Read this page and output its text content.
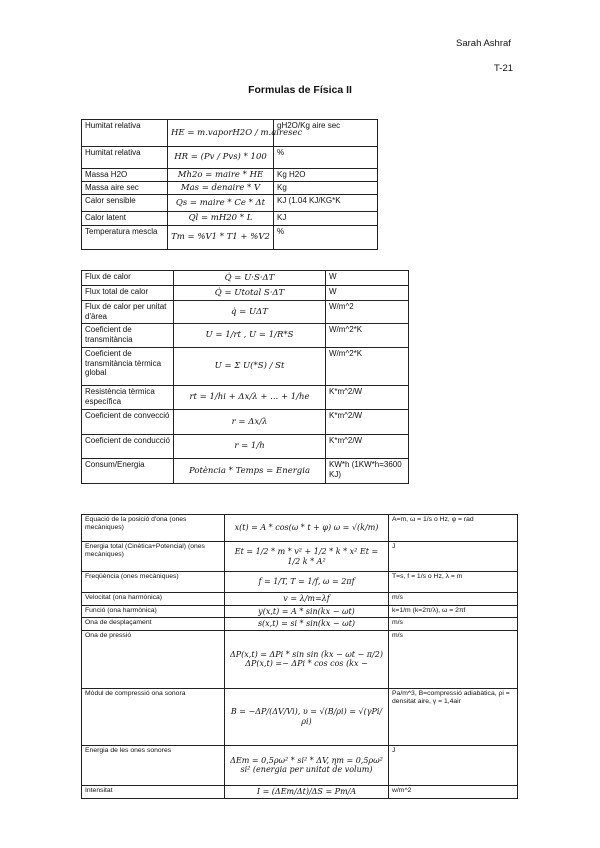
Sarah Ashraf
T-21
Formulas de Física II
Humitat relativa	HE = m.vaporH2O / m.airesec	gH2O/Kg aire sec
Humitat relativa	HR = (Pv / Pvs) * 100	%
Massa H2O	Mh2o = maire * HE	Kg H2O
Massa aire sec	Mas = denaire * V	Kg
Calor sensible	Qs = maire * Ce * Δt	KJ (1.04 KJ/KG*K
Calor latent	Ql = mH20 * L	KJ
Temperatura mescla	Tm = %V1 * T1 + %V2	%
Flux de calor	Q̇ = U·S·ΔT	W
Flux total de calor	Q̇ = Utotal S·ΔT	W
Flux de calor per unitat d'àrea	q̇ = UΔT	W/m^2
Coeficient de transmitància	U = 1/rt , U = 1/R*S	W/m^2*K
Coeficient de transmitància tèrmica global	U = Σ U(*S) / St	W/m^2*K
Resistència tèrmica específica	rt = 1/hi + Δx/λ + ... + 1/he	K*m^2/W
Coeficient de convecció	r = Δx/λ	K*m^2/W
Coeficient de conducció	r = 1/h	K*m^2/W
Consum/Energia	Potència * Temps = Energia	KW*h (1KW*h=3600 KJ)
Equació de la posició d'ona (ones mecàniques)	x(t) = A * cos(ω * t + φ) ω = √(k/m)	A=m, ω = 1/s o Hz, φ = rad
Energia total (Cinètica+Potencial) (ones mecàniques)	Et = 1/2 * m * v² + 1/2 * k * x² Et = 1/2 k * A²	J
Freqüència (ones mecàniques)	f = 1/T, T = 1/f, ω = 2πf	T=s, f = 1/s o Hz, λ = m
Velocitat (ona harmònica)	v = λ/m=λf	m/s
Funció (ona harmònica)	y(x,t) = A * sin(kx − ωt)	k=1/m (k=2π/λ), ω = 2πf
Ona de desplaçament	s(x,t) = si * sin(kx − ωt)	m/s
Ona de pressió	ΔP(x,t) = ΔPi * sin sin (kx − ωt − π/2) ΔP(x,t) =− ΔPi * cos cos (kx −	m/s
Mòdul de compressió ona sonora	B = −ΔP/(ΔV/Vi), υ = √(B/ρi) = √(γPi/ρi)	Pa/m^3, B=compressió adiabàtica, ρi = densitat aire, γ = 1,4air
Energia de les ones sonores	ΔEm = 0,5ρω² * si² * ΔV, ηm = 0,5ρω² si² (energia per unitat de volum)	J
Intensitat	I = (ΔEm/Δt)/ΔS = Pm/A	w/m^2
